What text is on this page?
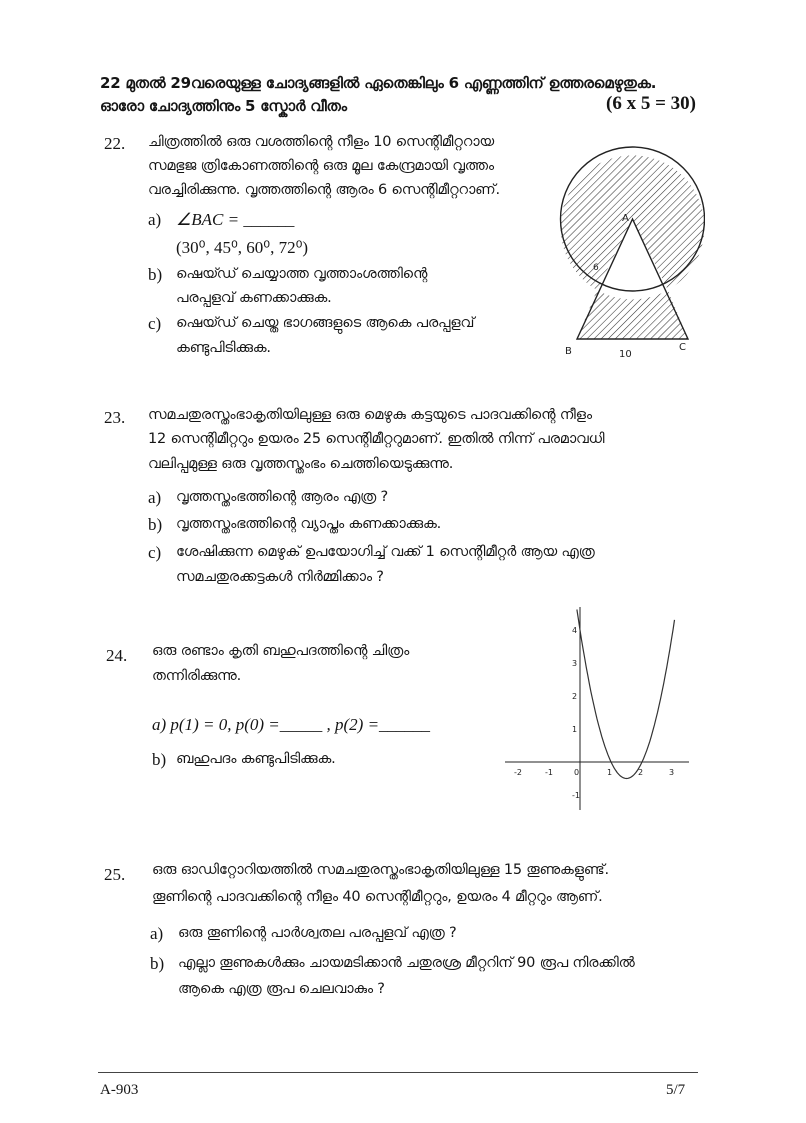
22 മുതൽ 29വരെയുള്ള ചോദ്യങ്ങളിൽ ഏതെങ്കിലും 6 എണ്ണത്തിന് ഉത്തരമെഴുതുക.
ഓരോ ചോദ്യത്തിനും 5 സ്കോർ വീതം	(6 x 5 = 30)
22. ചിത്രത്തിൽ ഒരു വശത്തിന്റെ നീളം 10 സെന്റിമീറ്ററായ
സമഭുജ ത്രികോണത്തിന്റെ ഒരു മൂല കേന്ദ്രമായി വൃത്തം
വരച്ചിരിക്കുന്നു. വൃത്തത്തിന്റെ ആരം 6 സെന്റിമീറ്ററാണ്.
a) ∠BAC = ______
(30⁰, 45⁰, 60⁰, 72⁰)
b) ഷെയ്ഡ് ചെയ്യാത്ത വൃത്താംശത്തിന്റെ
പരപ്പളവ് കണക്കാക്കുക.
c) ഷെയ്ഡ് ചെയ്ത ഭാഗങ്ങളുടെ ആകെ പരപ്പളവ്
കണ്ടുപിടിക്കുക.
A
6
B	C
10
23. സമചതുരസ്തംഭാകൃതിയിലുള്ള ഒരു മെഴുകു കട്ടയുടെ പാദവക്കിന്റെ നീളം
12 സെന്റിമീറ്ററും ഉയരം 25 സെന്റിമീറ്ററുമാണ്. ഇതിൽ നിന്ന് പരമാവധി
വലിപ്പമുള്ള ഒരു വൃത്തസ്തംഭം ചെത്തിയെടുക്കുന്നു.
a) വൃത്തസ്തംഭത്തിന്റെ ആരം എത്ര ?
b) വൃത്തസ്തംഭത്തിന്റെ വ്യാപ്തം കണക്കാക്കുക.
c) ശേഷിക്കുന്ന മെഴുക് ഉപയോഗിച്ച് വക്ക് 1 സെന്റിമീറ്റർ ആയ എത്ര
സമചതുരക്കട്ടകൾ നിർമ്മിക്കാം ?
24. ഒരു രണ്ടാം കൃതി ബഹുപദത്തിന്റെ ചിത്രം
തന്നിരിക്കുന്നു.
a) p(1) = 0, p(0) =_____ , p(2) =______
b) ബഹുപദം കണ്ടുപിടിക്കുക.
-2	-1	0	1	2	3
-1
1
2
3
4
25. ഒരു ഓഡിറ്റോറിയത്തിൽ സമചതുരസ്തംഭാകൃതിയിലുള്ള 15 തൂണുകളുണ്ട്.
തൂണിന്റെ പാദവക്കിന്റെ നീളം 40 സെന്റിമീറ്ററും, ഉയരം 4 മീറ്ററും ആണ്.
a) ഒരു തൂണിന്റെ പാർശ്വതല പരപ്പളവ് എത്ര ?
b) എല്ലാ തൂണുകൾക്കും ചായമടിക്കാൻ ചതുരശ്ര മീറ്ററിന് 90 രൂപ നിരക്കിൽ
ആകെ എത്ര രൂപ ചെലവാകും ?
A-903	5/7
